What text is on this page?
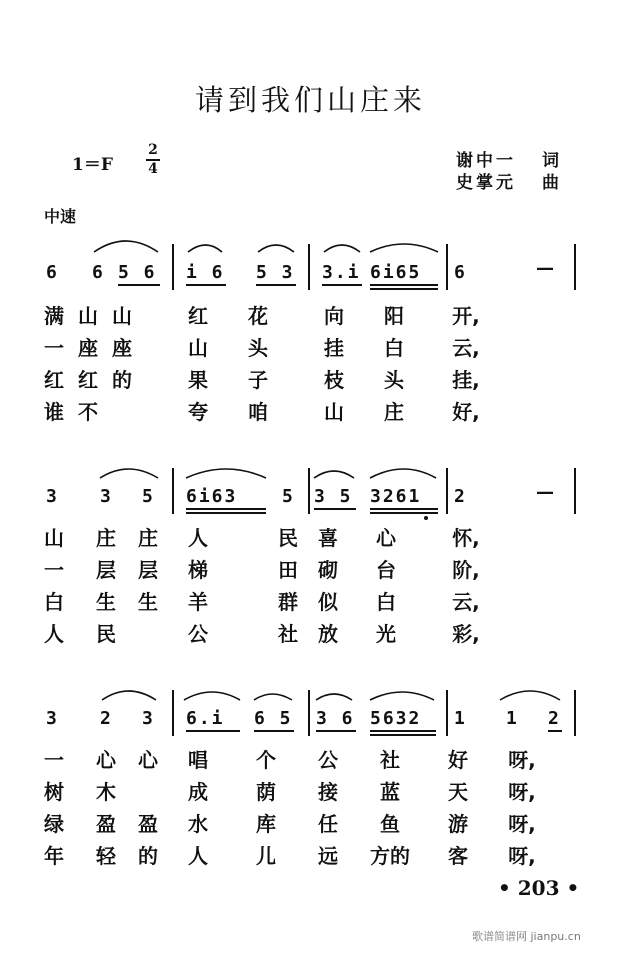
请到我们山庄来
$1=F \frac{2}{4}$	谢中一 词
史掌元 曲
中速
6 6 5 6 i 6 5 3 3.i 6i65 6	—
满 山 山	红 花	向 阳 开,
一 座 座	山 头	挂 白 云,
红 红 的	果 子	枝 头 挂,
谁 不	夸 咱	山 庄 好,
3 3 5 6i63 5 3 5 3261 2	—
山 庄 庄 人	民 喜 心	怀,
一 层 层 梯	田 砌 台	阶,
白 生 生 羊	群 似 白	云,
人 民	公	社 放 光	彩,
3 2 3 6.i 6 5 3 6 5632 1 1 2
一 心 心 唱 个 公 社 好	呀,
树 木	成 荫 接 蓝 天	呀,
绿 盈 盈 水 库 任 鱼 游	呀,
年 轻 的 人 儿 远 方的 客	呀,
• 203 •
歌谱简谱网 jianpu.cn
